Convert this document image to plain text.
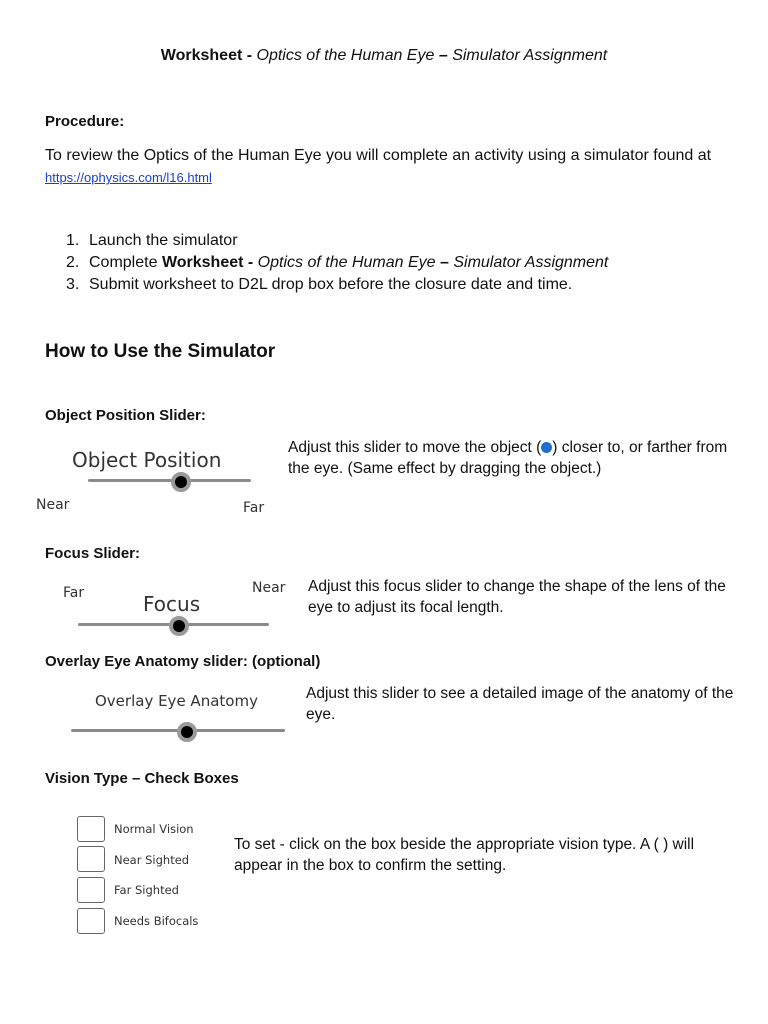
Worksheet - Optics of the Human Eye – Simulator Assignment
Procedure:
To review the Optics of the Human Eye you will complete an activity using a simulator found at https://ophysics.com/l16.html
1. Launch the simulator
2. Complete Worksheet - Optics of the Human Eye – Simulator Assignment
3. Submit worksheet to D2L drop box before the closure date and time.
How to Use the Simulator
Object Position Slider:
Object Position
Near	Far
Adjust this slider to move the object ( ) closer to, or farther from the eye. (Same effect by dragging the object.)
Focus Slider:
Far	Near
Focus
Adjust this focus slider to change the shape of the lens of the eye to adjust its focal length.
Overlay Eye Anatomy slider: (optional)
Overlay Eye Anatomy	Adjust this slider to see a detailed image of the anatomy of the eye.
Vision Type – Check Boxes
Normal Vision
Near Sighted
Far Sighted
Needs Bifocals
To set - click on the box beside the appropriate vision type. A ( ) will appear in the box to confirm the setting.
